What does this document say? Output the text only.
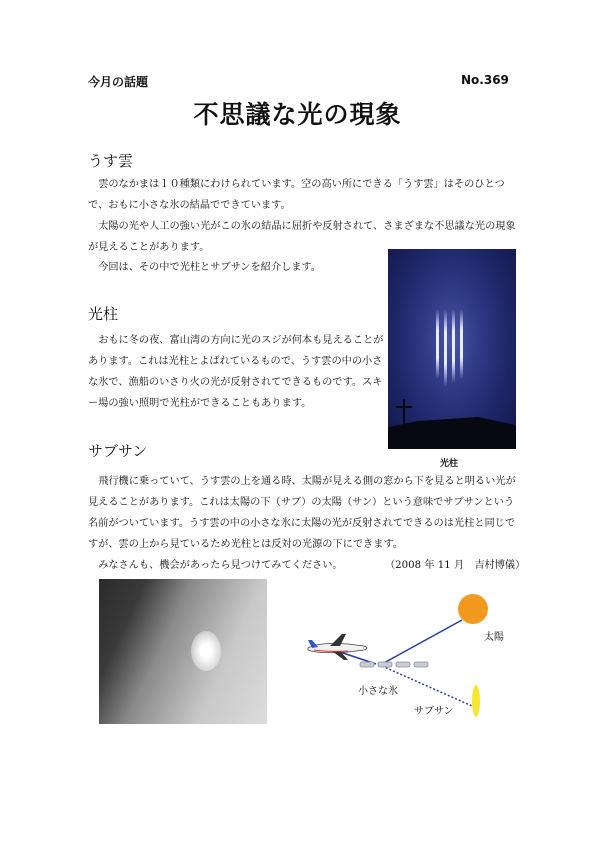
今月の話題	No.369
不思議な光の現象
うす雲

雲のなかまは１０種類にわけられています。空の高い所にできる「うす雲」はそのひとつで、おもに小さな氷の結晶でできています。

太陽の光や人工の強い光がこの氷の結晶に屈折や反射されて、さまざまな不思議な光の現象が見えることがあります。

今回は、その中で光柱とサブサンを紹介します。

光柱

おもに冬の夜、富山湾の方向に光のスジが何本も見えることがあります。これは光柱とよばれているもので、うす雲の中の小さな氷で、漁船のいさり火の光が反射されてできるものです。スキー場の強い照明で光柱ができることもあります。

光柱
サブサン

飛行機に乗っていて、うす雲の上を通る時、太陽が見える側の窓から下を見ると明るい光が見えることがあります。これは太陽の下（サブ）の太陽（サン）という意味でサブサンという名前がついています。うす雲の中の小さな氷に太陽の光が反射されてできるのは光柱と同じですが、雲の上から見ているため光柱とは反対の光源の下にできます。

みなさんも、機会があったら見つけてみてください。	（2008 年 11 月　吉村博儀）
太陽
小さな氷
サブサン
